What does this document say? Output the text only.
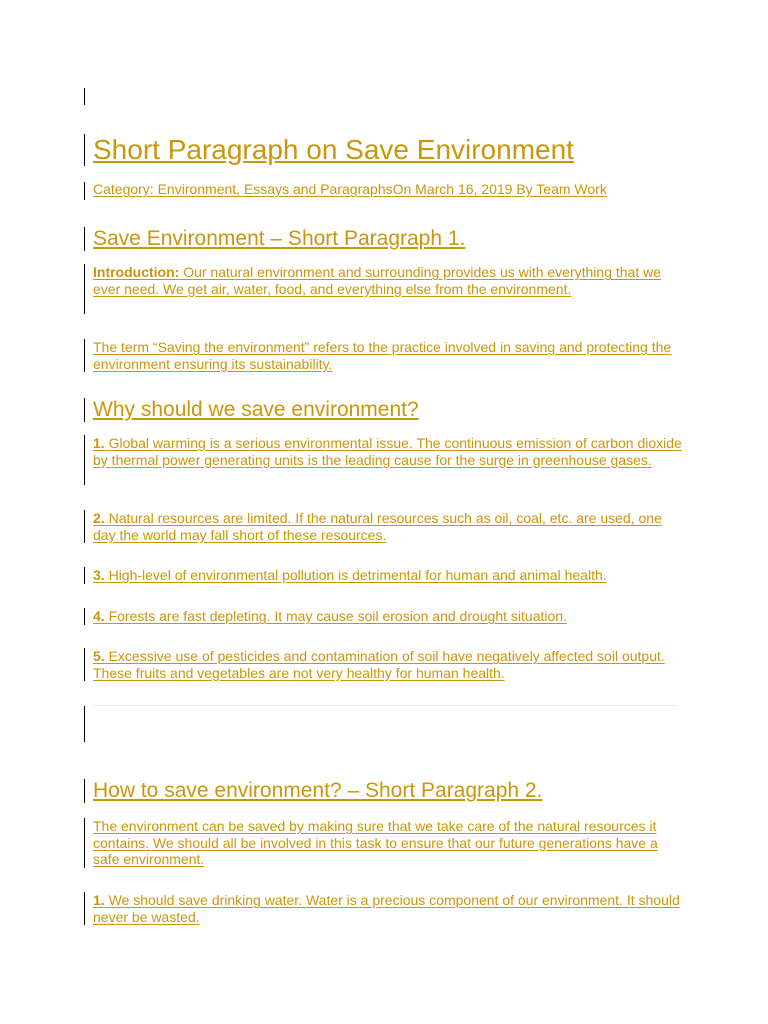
Short Paragraph on Save Environment
Category: Environment, Essays and ParagraphsOn March 16, 2019 By Team Work
Save Environment – Short Paragraph 1.
Introduction: Our natural environment and surrounding provides us with everything that we ever need. We get air, water, food, and everything else from the environment.
The term “Saving the environment” refers to the practice involved in saving and protecting the environment ensuring its sustainability.
Why should we save environment?
1. Global warming is a serious environmental issue. The continuous emission of carbon dioxide by thermal power generating units is the leading cause for the surge in greenhouse gases.
2. Natural resources are limited. If the natural resources such as oil, coal, etc. are used, one day the world may fall short of these resources.
3. High-level of environmental pollution is detrimental for human and animal health.
4. Forests are fast depleting. It may cause soil erosion and drought situation.
5. Excessive use of pesticides and contamination of soil have negatively affected soil output. These fruits and vegetables are not very healthy for human health.
How to save environment? – Short Paragraph 2.
The environment can be saved by making sure that we take care of the natural resources it contains. We should all be involved in this task to ensure that our future generations have a safe environment.
1. We should save drinking water. Water is a precious component of our environment. It should never be wasted.
